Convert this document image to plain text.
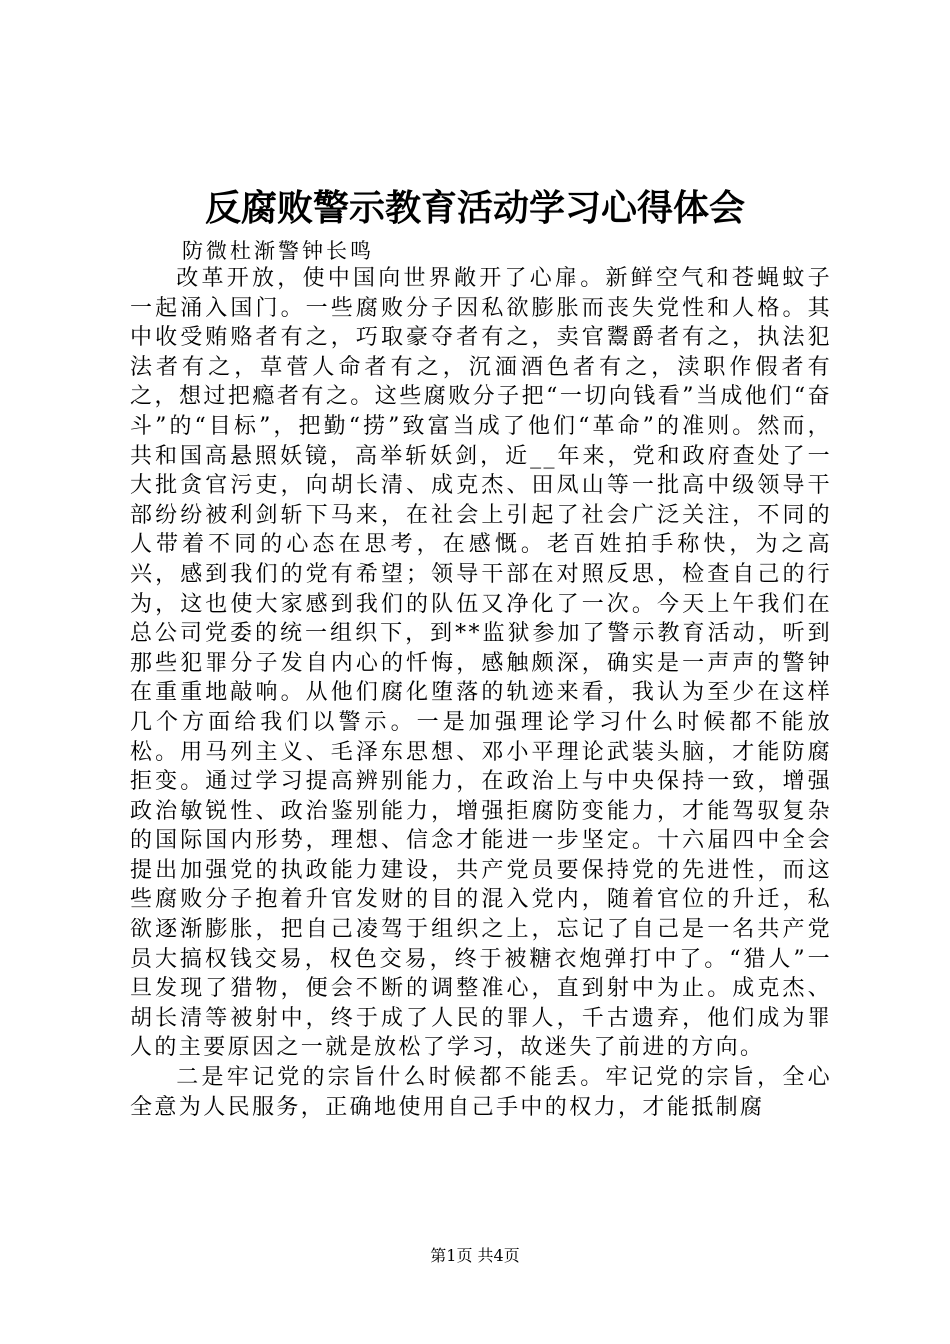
反腐败警示教育活动学习心得体会
防微杜渐警钟长鸣

改革开放，使中国向世界敞开了心扉。新鲜空气和苍蝇蚊子一起涌入国门。一些腐败分子因私欲膨胀而丧失党性和人格。其中收受贿赂者有之，巧取豪夺者有之，卖官鬻爵者有之，执法犯法者有之，草菅人命者有之，沉湎酒色者有之，渎职作假者有之，想过把瘾者有之。这些腐败分子把“一切向钱看”当成他们“奋斗”的“目标”，把勤“捞”致富当成了他们“革命”的准则。然而，共和国高悬照妖镜，高举斩妖剑，近__年来，党和政府查处了一大批贪官污吏，向胡长清、成克杰、田凤山等一批高中级领导干部纷纷被利剑斩下马来，在社会上引起了社会广泛关注，不同的人带着不同的心态在思考，在感慨。老百姓拍手称快，为之高兴，感到我们的党有希望；领导干部在对照反思，检查自己的行为，这也使大家感到我们的队伍又净化了一次。今天上午我们在总公司党委的统一组织下，到**监狱参加了警示教育活动，听到那些犯罪分子发自内心的忏悔，感触颇深，确实是一声声的警钟在重重地敲响。从他们腐化堕落的轨迹来看，我认为至少在这样几个方面给我们以警示。一是加强理论学习什么时候都不能放松。用马列主义、毛泽东思想、邓小平理论武装头脑，才能防腐拒变。通过学习提高辨别能力，在政治上与中央保持一致，增强政治敏锐性、政治鉴别能力，增强拒腐防变能力，才能驾驭复杂的国际国内形势，理想、信念才能进一步坚定。十六届四中全会提出加强党的执政能力建设，共产党员要保持党的先进性，而这些腐败分子抱着升官发财的目的混入党内，随着官位的升迁，私欲逐渐膨胀，把自己凌驾于组织之上，忘记了自己是一名共产党员大搞权钱交易，权色交易，终于被糖衣炮弹打中了。“猎人”一旦发现了猎物，便会不断的调整准心，直到射中为止。成克杰、胡长清等被射中，终于成了人民的罪人，千古遗弃，他们成为罪人的主要原因之一就是放松了学习，故迷失了前进的方向。

二是牢记党的宗旨什么时候都不能丢。牢记党的宗旨，全心全意为人民服务，正确地使用自己手中的权力，才能抵制腐

第1页 共4页
